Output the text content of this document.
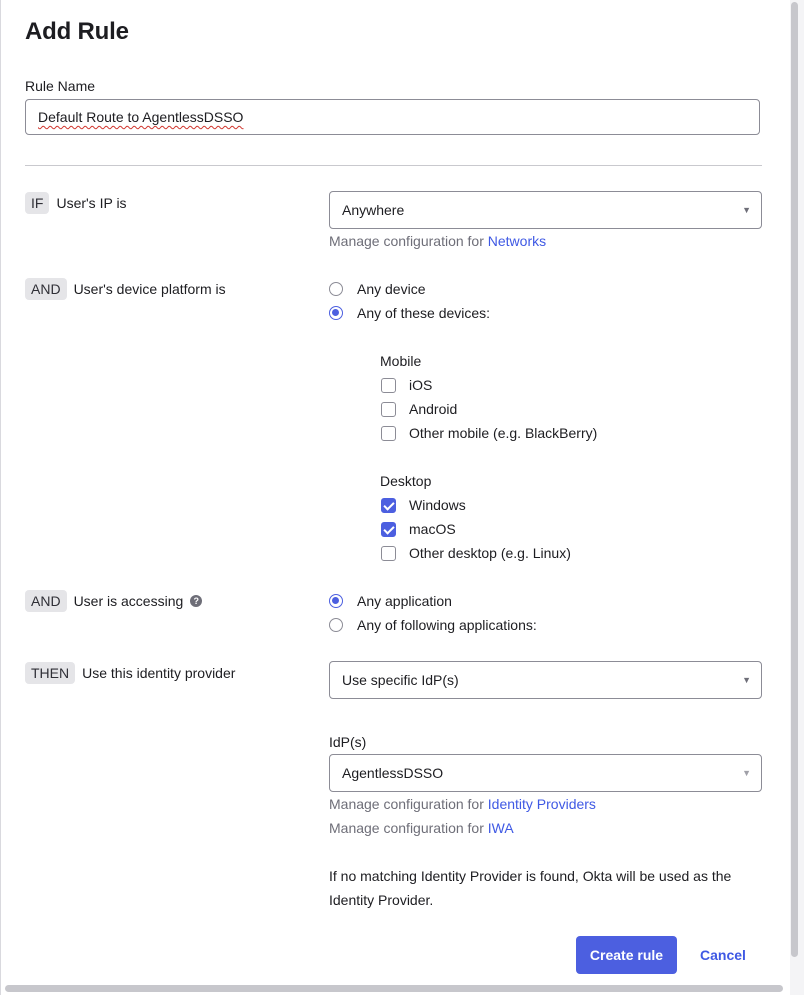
Add Rule
Rule Name
Default Route to AgentlessDSSO
IF User's IP is	Anywhere	▼
Manage configuration for Networks
AND User's device platform is	Any device
Any of these devices:
Mobile
iOS
Android
Other mobile (e.g. BlackBerry)
Desktop
Windows
macOS
Other desktop (e.g. Linux)
AND User is accessing	?	Any application
Any of following applications:
THEN Use this identity provider	Use specific IdP(s)	▼
IdP(s)
AgentlessDSSO	▼
Manage configuration for Identity Providers
Manage configuration for IWA
If no matching Identity Provider is found, Okta will be used as the Identity Provider.
Create rule	Cancel
